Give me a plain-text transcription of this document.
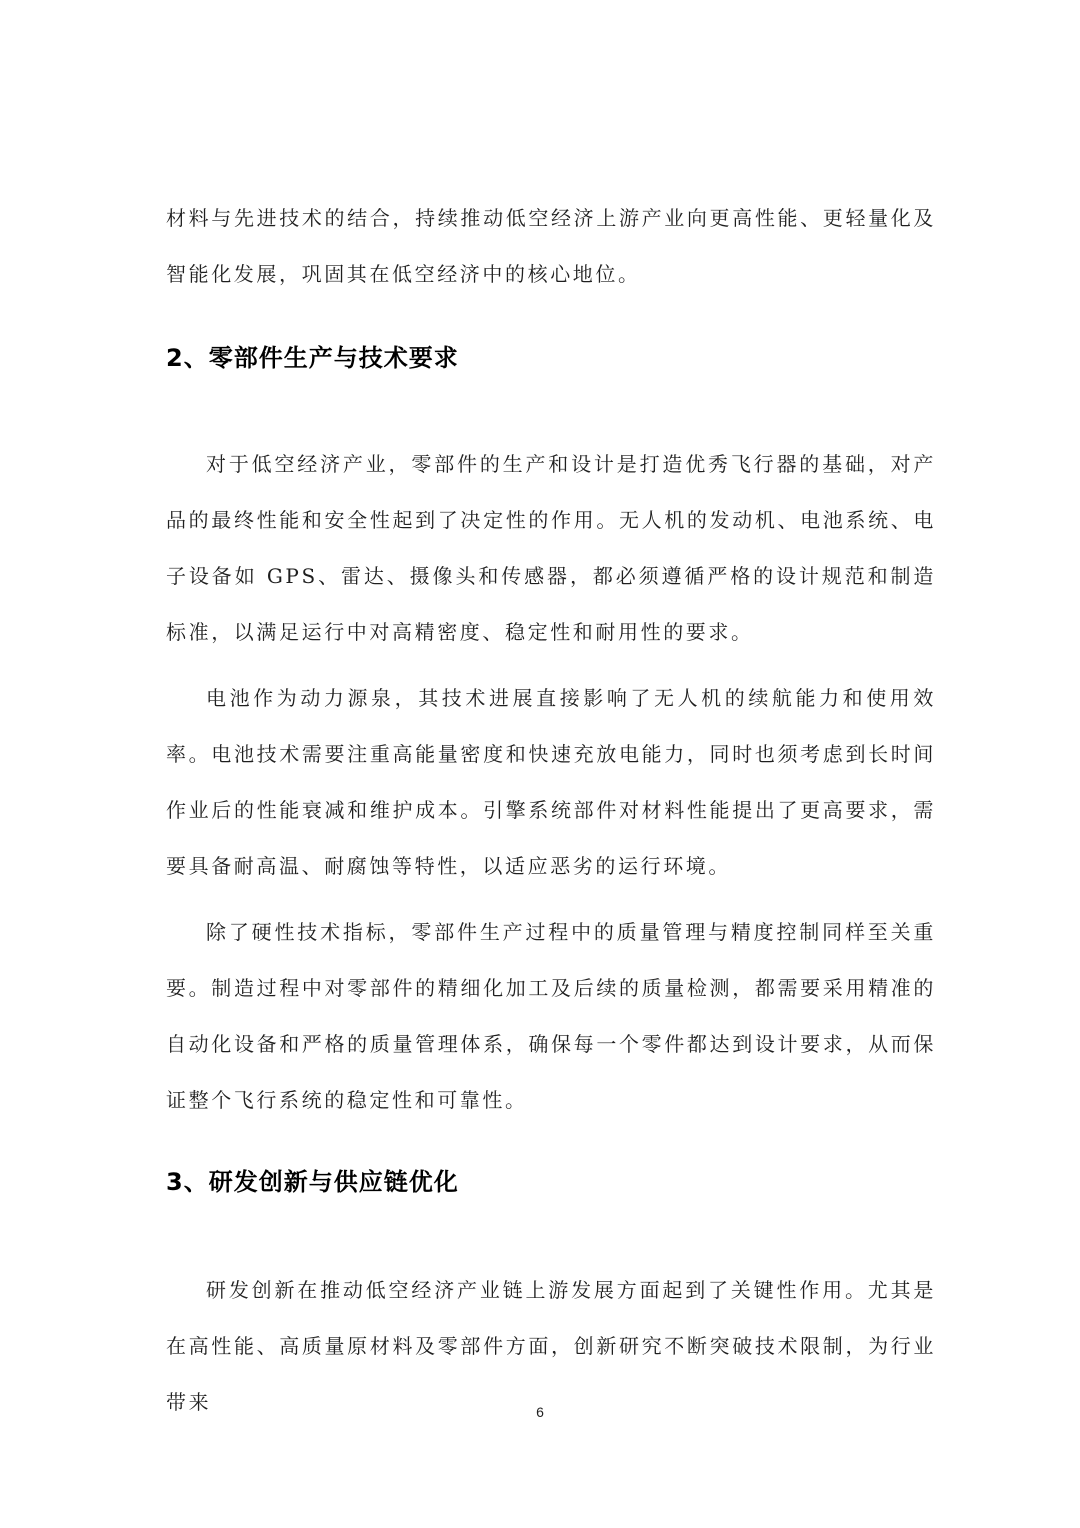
材料与先进技术的结合，持续推动低空经济上游产业向更高性能、更轻量化及智能化发展，巩固其在低空经济中的核心地位。

2、零部件生产与技术要求

对于低空经济产业，零部件的生产和设计是打造优秀飞行器的基础，对产品的最终性能和安全性起到了决定性的作用。无人机的发动机、电池系统、电子设备如 GPS、雷达、摄像头和传感器，都必须遵循严格的设计规范和制造标准，以满足运行中对高精密度、稳定性和耐用性的要求。

电池作为动力源泉，其技术进展直接影响了无人机的续航能力和使用效率。电池技术需要注重高能量密度和快速充放电能力，同时也须考虑到长时间作业后的性能衰减和维护成本。引擎系统部件对材料性能提出了更高要求，需要具备耐高温、耐腐蚀等特性，以适应恶劣的运行环境。

除了硬性技术指标，零部件生产过程中的质量管理与精度控制同样至关重要。制造过程中对零部件的精细化加工及后续的质量检测，都需要采用精准的自动化设备和严格的质量管理体系，确保每一个零件都达到设计要求，从而保证整个飞行系统的稳定性和可靠性。

3、研发创新与供应链优化

研发创新在推动低空经济产业链上游发展方面起到了关键性作用。尤其是在高性能、高质量原材料及零部件方面，创新研究不断突破技术限制，为行业带来	6
